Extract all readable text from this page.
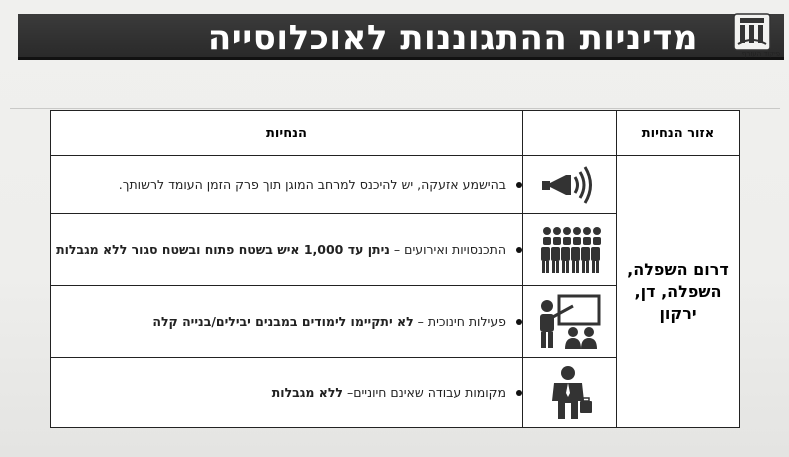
מדיניות ההתגוננות לאוכלוסייה	פיקוד העורף
אזור הנחיות		הנחיות
דרום השפלה, השפלה, דן, ירקון		בהישמע אזעקה, יש להיכנס למרחב המוגן תוך פרק הזמן העומד לרשותך.

התכנסויות ואירועים – ניתן עד 1,000 איש בשטח פתוח ובשטח סגור ללא מגבלות

פעילות חינוכית – לא יתקיימו לימודים במבנים יבילים/בנייה קלה

מקומות עבודה שאינם חיוניים– ללא מגבלות
